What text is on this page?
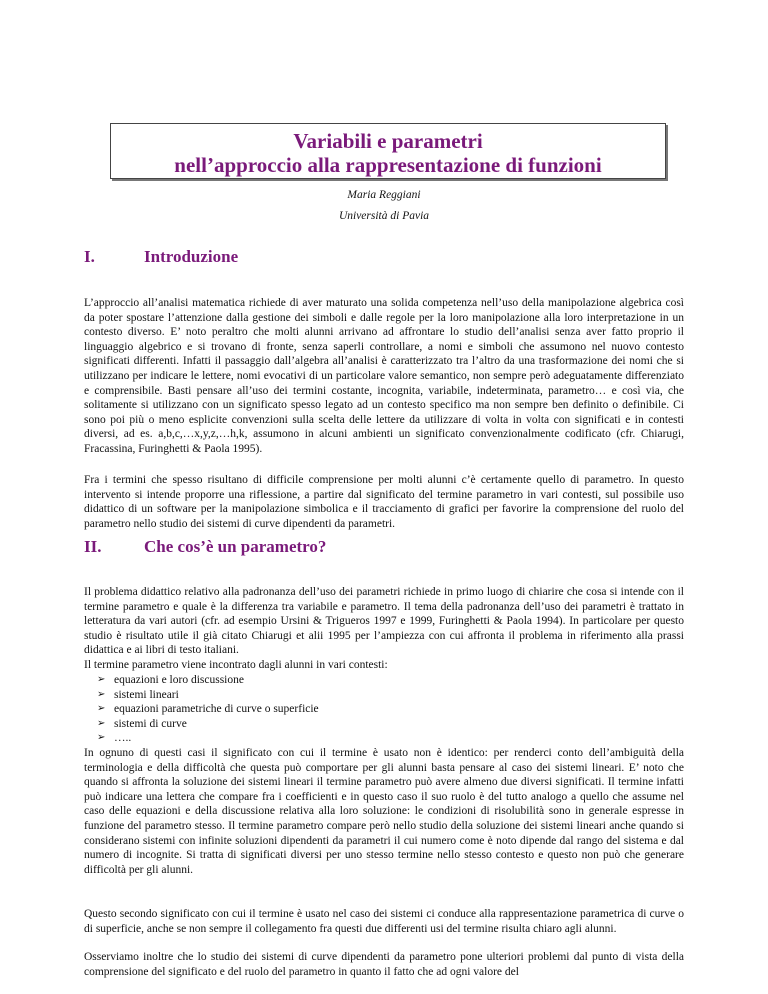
Variabili e parametri
nell’approccio alla rappresentazione di funzioni
Maria Reggiani
Università di Pavia
I.	Introduzione

L’approccio all’analisi matematica richiede di aver maturato una solida competenza nell’uso della manipolazione algebrica così da poter spostare l’attenzione dalla gestione dei simboli e dalle regole per la loro manipolazione alla loro interpretazione in un contesto diverso. E’ noto peraltro che molti alunni arrivano ad affrontare lo studio dell’analisi senza aver fatto proprio il linguaggio algebrico e si trovano di fronte, senza saperli controllare, a nomi e simboli che assumono nel nuovo contesto significati differenti. Infatti il passaggio dall’algebra all’analisi è caratterizzato tra l’altro da una trasformazione dei nomi che si utilizzano per indicare le lettere, nomi evocativi di un particolare valore semantico, non sempre però adeguatamente differenziato e comprensibile. Basti pensare all’uso dei termini costante, incognita, variabile, indeterminata, parametro… e così via, che solitamente si utilizzano con un significato spesso legato ad un contesto specifico ma non sempre ben definito o definibile. Ci sono poi più o meno esplicite convenzioni sulla scelta delle lettere da utilizzare di volta in volta con significati e in contesti diversi, ad es. a,b,c,…x,y,z,…h,k, assumono in alcuni ambienti un significato convenzionalmente codificato (cfr. Chiarugi, Fracassina, Furinghetti & Paola 1995).

Fra i termini che spesso risultano di difficile comprensione per molti alunni c’è certamente quello di parametro. In questo intervento si intende proporre una riflessione, a partire dal significato del termine parametro in vari contesti, sul possibile uso didattico di un software per la manipolazione simbolica e il tracciamento di grafici per favorire la comprensione del ruolo del parametro nello studio dei sistemi di curve dipendenti da parametri.

II.	Che cos’è un parametro?

Il problema didattico relativo alla padronanza dell’uso dei parametri richiede in primo luogo di chiarire che cosa si intende con il termine parametro e quale è la differenza tra variabile e parametro. Il tema della padronanza dell’uso dei parametri è trattato in letteratura da vari autori (cfr. ad esempio Ursini & Trigueros 1997 e 1999, Furinghetti & Paola 1994). In particolare per questo studio è risultato utile il già citato Chiarugi et alii 1995 per l’ampiezza con cui affronta il problema in riferimento alla prassi didattica e ai libri di testo italiani.

Il termine parametro viene incontrato dagli alunni in vari contesti:

➢ equazioni e loro discussione
➢ sistemi lineari
➢ equazioni parametriche di curve o superficie
➢ sistemi di curve
➢ …..

In ognuno di questi casi il significato con cui il termine è usato non è identico: per renderci conto dell’ambiguità della terminologia e della difficoltà che questa può comportare per gli alunni basta pensare al caso dei sistemi lineari. E’ noto che quando si affronta la soluzione dei sistemi lineari il termine parametro può avere almeno due diversi significati. Il termine infatti può indicare una lettera che compare fra i coefficienti e in questo caso il suo ruolo è del tutto analogo a quello che assume nel caso delle equazioni e della discussione relativa alla loro soluzione: le condizioni di risolubilità sono in generale espresse in funzione del parametro stesso. Il termine parametro compare però nello studio della soluzione dei sistemi lineari anche quando si considerano sistemi con infinite soluzioni dipendenti da parametri il cui numero come è noto dipende dal rango del sistema e dal numero di incognite. Si tratta di significati diversi per uno stesso termine nello stesso contesto e questo non può che generare difficoltà per gli alunni.

Questo secondo significato con cui il termine è usato nel caso dei sistemi ci conduce alla rappresentazione parametrica di curve o di superficie, anche se non sempre il collegamento fra questi due differenti usi del termine risulta chiaro agli alunni.

Osserviamo inoltre che lo studio dei sistemi di curve dipendenti da parametro pone ulteriori problemi dal punto di vista della comprensione del significato e del ruolo del parametro in quanto il fatto che ad ogni valore del
